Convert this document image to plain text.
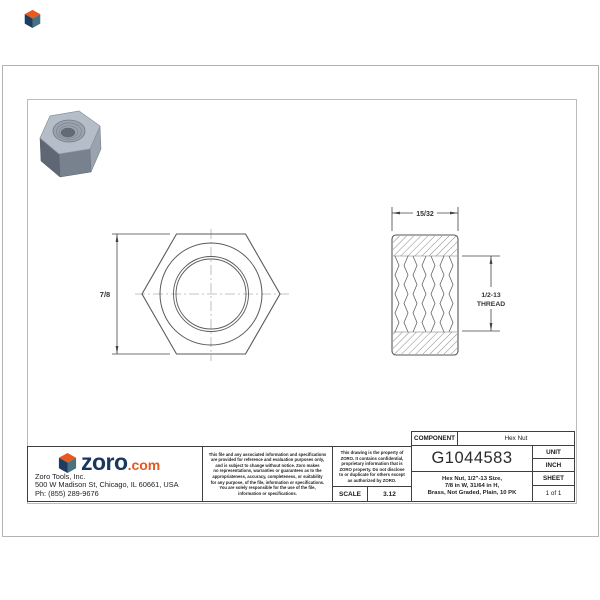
7/8
15/32
1/2-13
THREAD
zoro.com
Zoro Tools, Inc.
500 W Madison St, Chicago, IL 60661, USA
Ph: (855) 289-9676
This file and any associated information and specifications
are provided for reference and evaluation purposes only,
and is subject to change without notice. Zoro makes
no representations, warranties or guarantees as to the
appropriateness, accuracy, completeness, or suitability
for any purpose, of the file, information or specifications.
You are solely responsible for the use of the file,
information or specifications.
This drawing is the property of
ZORO. It contains confidential,
proprietary information that is
ZORO property. Do not disclose
to or duplicate for others except
as authorized by ZORO.
SCALE	3.12
COMPONENT	Hex Nut
G1044583
Hex Nut, 1/2"-13 Size,
7/8 in W, 31/64 in H,
Brass, Not Graded, Plain, 10 PK
UNIT
INCH
SHEET
1 of 1
